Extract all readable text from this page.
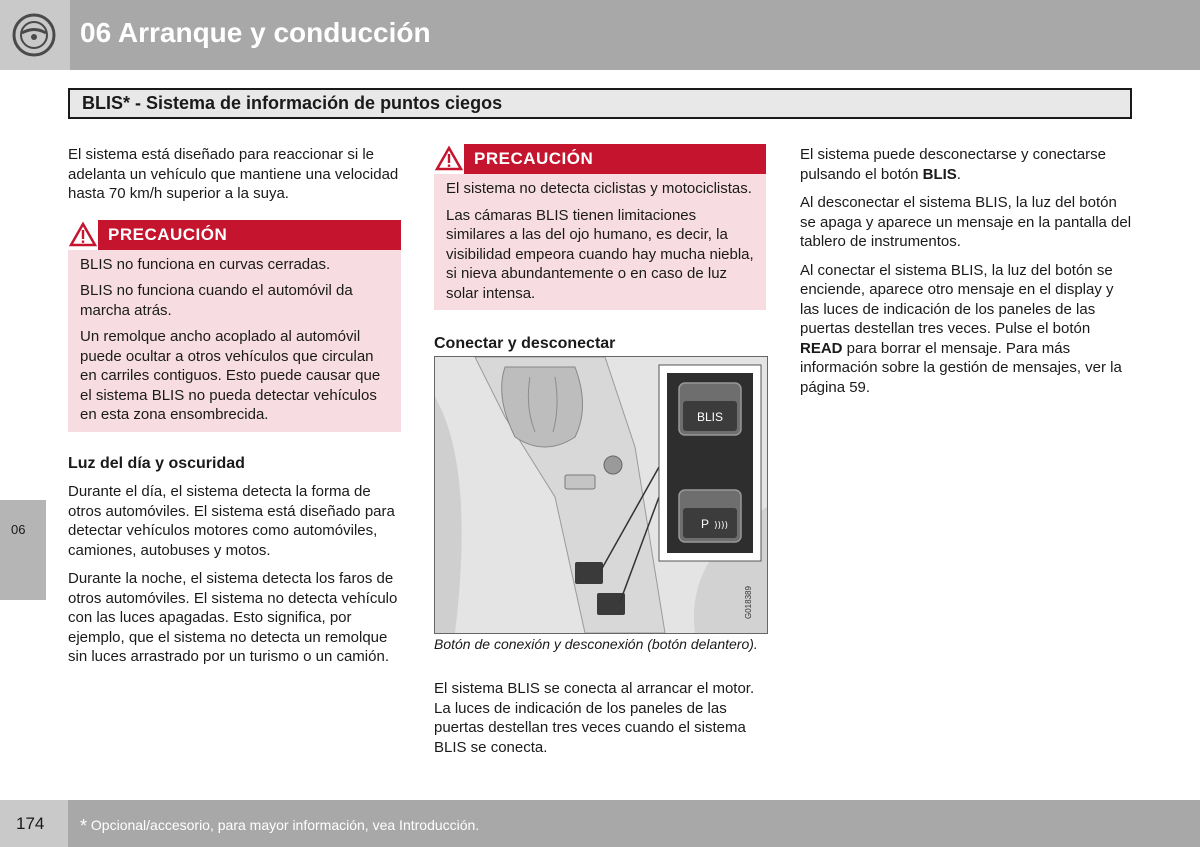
06 Arranque y conducción
BLIS* - Sistema de información de puntos ciegos

El sistema está diseñado para reaccionar si le adelanta un vehículo que mantiene una velocidad hasta 70 km/h superior a la suya.

PRECAUCIÓN

BLIS no funciona en curvas cerradas.

BLIS no funciona cuando el automóvil da marcha atrás.

Un remolque ancho acoplado al automóvil puede ocultar a otros vehículos que circulan en carriles contiguos. Esto puede causar que el sistema BLIS no pueda detectar vehículos en esta zona ensombrecida.

Luz del día y oscuridad

Durante el día, el sistema detecta la forma de otros automóviles. El sistema está diseñado para detectar vehículos motores como automóviles, camiones, autobuses y motos.

Durante la noche, el sistema detecta los faros de otros automóviles. El sistema no detecta vehículo con las luces apagadas. Esto significa, por ejemplo, que el sistema no detecta un remolque sin luces arrastrado por un turismo o un camión.

PRECAUCIÓN

El sistema no detecta ciclistas y motociclistas.

Las cámaras BLIS tienen limitaciones similares a las del ojo humano, es decir, la visibilidad empeora cuando hay mucha niebla, si nieva abundantemente o en caso de luz solar intensa.

Conectar y desconectar

BLIS
P ))))
G018389
Botón de conexión y desconexión (botón delantero).

El sistema BLIS se conecta al arrancar el motor. La luces de indicación de los paneles de las puertas destellan tres veces cuando el sistema BLIS se conecta.

El sistema puede desconectarse y conectarse pulsando el botón BLIS.

Al desconectar el sistema BLIS, la luz del botón se apaga y aparece un mensaje en la pantalla del tablero de instrumentos.

Al conectar el sistema BLIS, la luz del botón se enciende, aparece otro mensaje en el display y las luces de indicación de los paneles de las puertas destellan tres veces. Pulse el botón READ para borrar el mensaje. Para más información sobre la gestión de mensajes, ver la página 59.

06
174 * Opcional/accesorio, para mayor información, vea Introducción.
